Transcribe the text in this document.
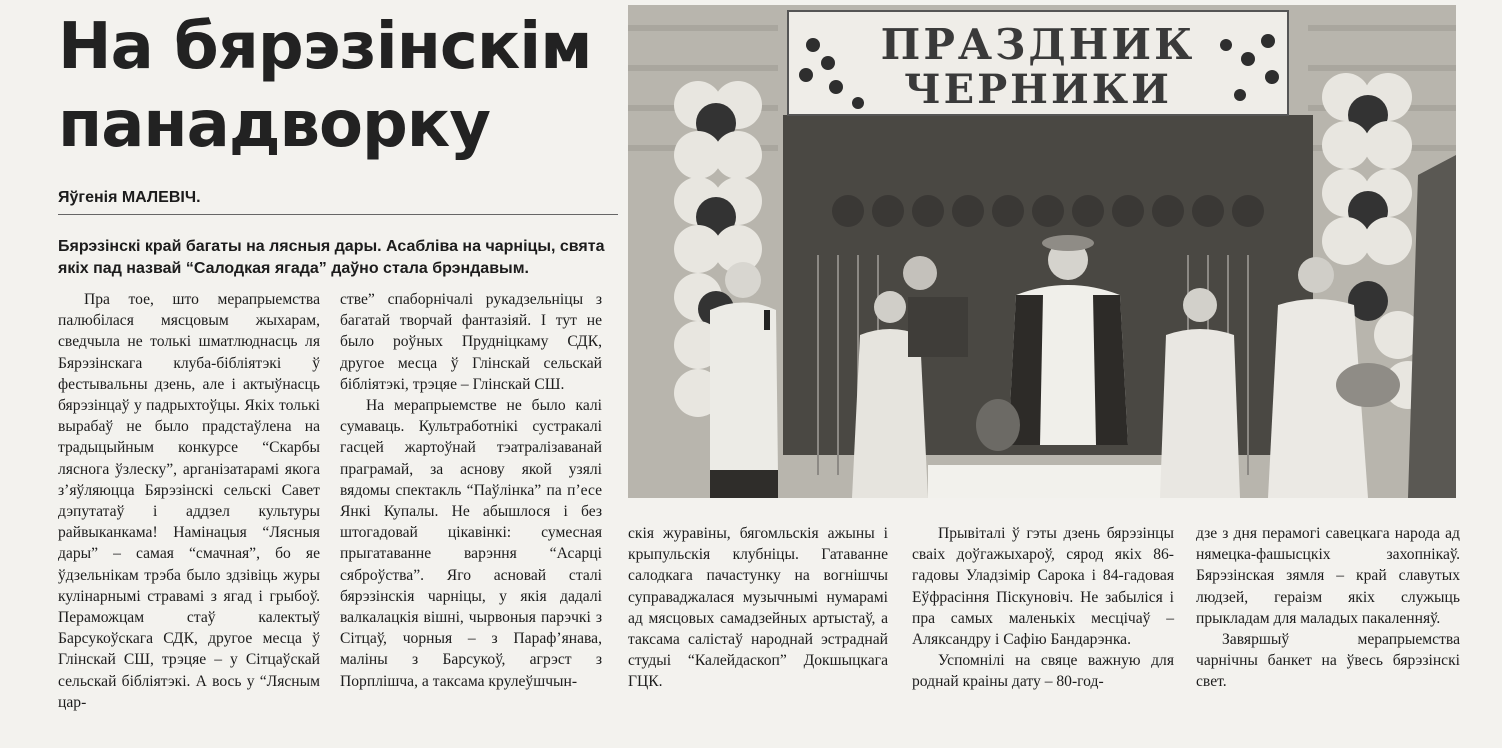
На бярэзінскім панадворку
Яўгенія МАЛЕВІЧ.
Бярэзінскі край багаты на лясныя дары. Асабліва на чарніцы, свята якіх пад назвай “Салодкая ягада” даўно стала брэндавым.

Пра тое, што мерапрыемства палюбілася мясцовым жыхарам, сведчыла не толькі шматлюднасць ля Бярэзінскага клуба-бібліятэкі ў фестывальны дзень, але і актыўнасць бярэзінцаў у падрыхтоўцы. Якіх толькі вырабаў не было прадстаўлена на традыцыйным конкурсе “Скарбы ляснога ўзлеску”, арганізатарамі якога з’яўляюцца Бярэзінскі сельскі Савет дэпутатаў і аддзел культуры райвыканкама! Намінацыя “Лясныя дары” – самая “смачная”, бо яе ўдзельнікам трэба было здзівіць журы кулінарнымі стравамі з ягад і грыбоў. Пераможцам стаў калектыў Барсукоўскага СДК, другое месца ў Глінскай СШ, трэцяе – у Сітцаўскай сельскай бібліятэкі. А вось у “Лясным цар-

стве” спаборнічалі рукадзельніцы з багатай творчай фантазіяй. І тут не было роўных Прудніцкаму СДК, другое месца ў Глінскай сельскай бібліятэкі, трэцяе – Глінскай СШ.

На мерапрыемстве не было калі сумаваць. Культработнікі сустракалі гасцей жартоўнай тэатралізаванай праграмай, за аснову якой узялі вядомы спектакль “Паўлінка” па п’есе Янкі Купалы. Не абышлося і без штогадовай цікавінкі: сумесная прыгатаванне варэння “Асарці сяброўства”. Яго асновай сталі бярэзінскія чарніцы, у якія дадалі валкалацкія вішні, чырвоныя парэчкі з Сітцаў, чорныя – з Параф’янава, маліны з Барсукоў, агрэст з Порплішча, а таксама крулеўшчын-

ПРАЗДНИК
ЧЕРНИКИ

скія журавіны, бягомльскія ажыны і крыпульскія клубніцы. Гатаванне салодкага пачастунку на вогнішчы суправаджалася музычнымі нумарамі ад мясцовых самадзейных артыстаў, а таксама салістаў народнай эстраднай студыі “Калейдаскоп” Докшыцкага ГЦК.

Прывіталі ў гэты дзень бярэзінцы сваіх доўгажыхароў, сярод якіх 86-гадовы Уладзімір Сарока і 84-гадовая Еўфрасіння Піскуновіч. Не забыліся і пра самых маленькіх месцічаў – Аляксандру і Сафію Бандарэнка.

Успомнілі на свяце важную для роднай краіны дату – 80-год-

дзе з дня перамогі савецкага народа ад нямецка-фашысцкіх захопнікаў. Бярэзінская зямля – край славутых людзей, гераізм якіх служыць прыкладам для маладых пакаленняў.

Завяршыў мерапрыемства чарнічны банкет на ўвесь бярэзінскі свет.
